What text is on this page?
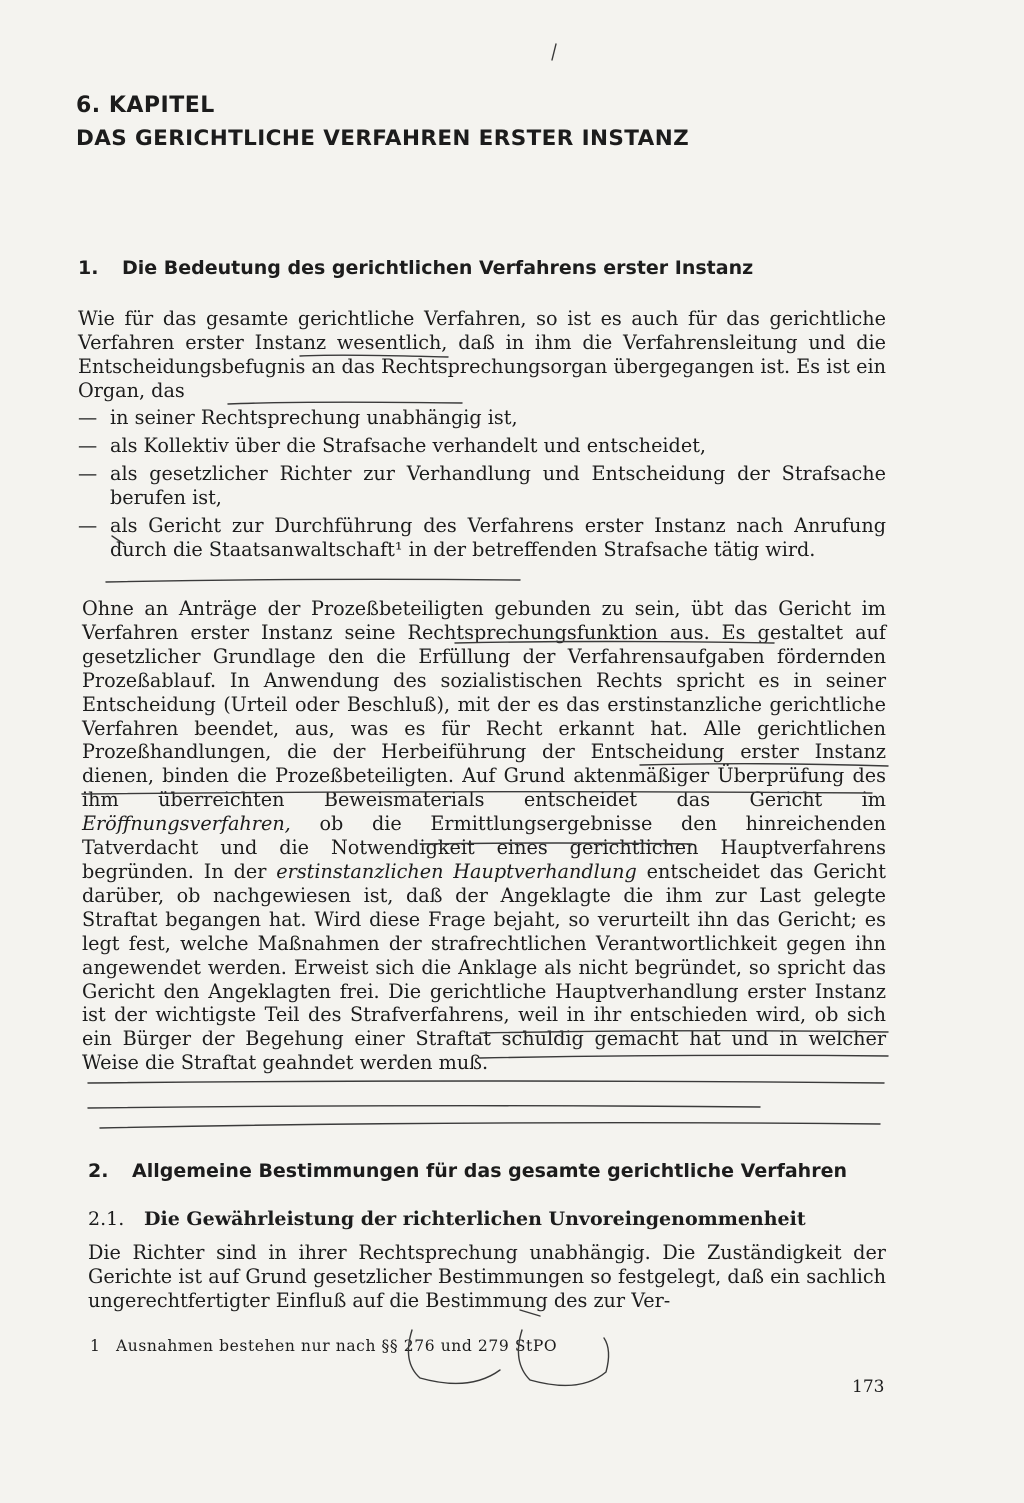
6. KAPITEL
DAS GERICHTLICHE VERFAHREN ERSTER INSTANZ
1. Die Bedeutung des gerichtlichen Verfahrens erster Instanz
Wie für das gesamte gerichtliche Verfahren, so ist es auch für das gerichtliche Verfahren erster Instanz wesentlich, daß in ihm die Verfahrensleitung und die Entscheidungsbefugnis an das Rechtsprechungsorgan übergegangen ist. Es ist ein Organ, das
— in seiner Rechtsprechung unabhängig ist,
— als Kollektiv über die Strafsache verhandelt und entscheidet,
— als gesetzlicher Richter zur Verhandlung und Entscheidung der Strafsache berufen ist,
— als Gericht zur Durchführung des Verfahrens erster Instanz nach Anrufung durch die Staatsanwaltschaft¹ in der betreffenden Strafsache tätig wird.
Ohne an Anträge der Prozeßbeteiligten gebunden zu sein, übt das Gericht im Verfahren erster Instanz seine Rechtsprechungsfunktion aus. Es gestaltet auf gesetzlicher Grundlage den die Erfüllung der Verfahrensaufgaben fördernden Prozeßablauf. In Anwendung des sozialistischen Rechts spricht es in seiner Entscheidung (Urteil oder Beschluß), mit der es das erstinstanzliche gerichtliche Verfahren beendet, aus, was es für Recht erkannt hat. Alle gerichtlichen Prozeßhandlungen, die der Herbeiführung der Entscheidung erster Instanz dienen, binden die Prozeßbeteiligten. Auf Grund aktenmäßiger Überprüfung des ihm überreichten Beweismaterials entscheidet das Gericht im Eröffnungsverfahren, ob die Ermittlungsergebnisse den hinreichenden Tatverdacht und die Notwendigkeit eines gerichtlichen Hauptverfahrens begründen. In der erstinstanzlichen Hauptverhandlung entscheidet das Gericht darüber, ob nachgewiesen ist, daß der Angeklagte die ihm zur Last gelegte Straftat begangen hat. Wird diese Frage bejaht, so verurteilt ihn das Gericht; es legt fest, welche Maßnahmen der strafrechtlichen Verantwortlichkeit gegen ihn angewendet werden. Erweist sich die Anklage als nicht begründet, so spricht das Gericht den Angeklagten frei. Die gerichtliche Hauptverhandlung erster Instanz ist der wichtigste Teil des Strafverfahrens, weil in ihr entschieden wird, ob sich ein Bürger der Begehung einer Straftat schuldig gemacht hat und in welcher Weise die Straftat geahndet werden muß.
2. Allgemeine Bestimmungen für das gesamte gerichtliche Verfahren
2.1. Die Gewährleistung der richterlichen Unvoreingenommenheit
Die Richter sind in ihrer Rechtsprechung unabhängig. Die Zuständigkeit der Gerichte ist auf Grund gesetzlicher Bestimmungen so festgelegt, daß ein sachlich ungerechtfertigter Einfluß auf die Bestimmung des zur Ver-
1 Ausnahmen bestehen nur nach §§ 276 und 279 StPO
173
